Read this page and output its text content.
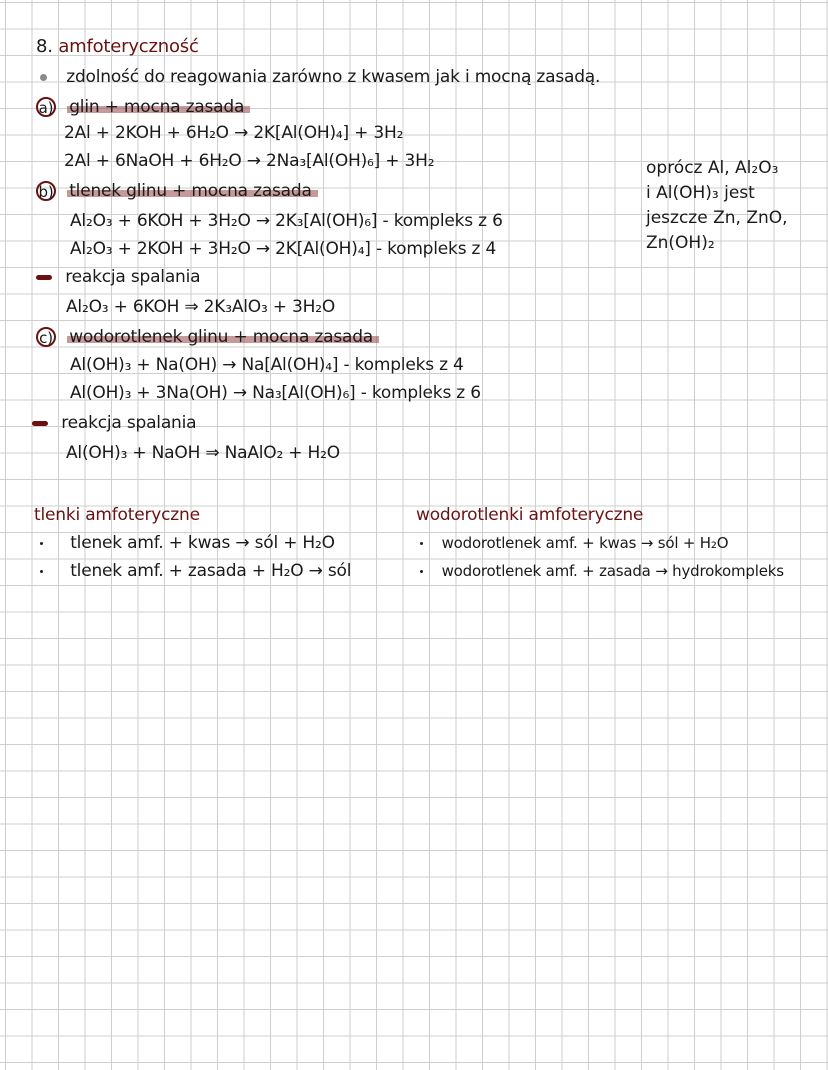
8. amfoteryczność
zdolność do reagowania zarówno z kwasem jak i mocną zasadą.
a) glin + mocna zasada
2Al + 2KOH + 6H₂O → 2K[Al(OH)₄] + 3H₂
2Al + 6NaOH + 6H₂O → 2Na₃[Al(OH)₆] + 3H₂
b) tlenek glinu + mocna zasada
Al₂O₃ + 6KOH + 3H₂O → 2K₃[Al(OH)₆] - kompleks z 6
Al₂O₃ + 2KOH + 3H₂O → 2K[Al(OH)₄] - kompleks z 4
reakcja spalania
Al₂O₃ + 6KOH ⇒ 2K₃AlO₃ + 3H₂O
c) wodorotlenek glinu + mocna zasada
Al(OH)₃ + Na(OH) → Na[Al(OH)₄] - kompleks z 4
Al(OH)₃ + 3Na(OH) → Na₃[Al(OH)₆] - kompleks z 6
reakcja spalania
Al(OH)₃ + NaOH ⇒ NaAlO₂ + H₂O
oprócz Al, Al₂O₃
i Al(OH)₃ jest
jeszcze Zn, ZnO,
Zn(OH)₂
tlenki amfoteryczne
tlenek amf. + kwas → sól + H₂O
tlenek amf. + zasada + H₂O → sól
wodorotlenki amfoteryczne
wodorotlenek amf. + kwas → sól + H₂O
wodorotlenek amf. + zasada → hydrokompleks
